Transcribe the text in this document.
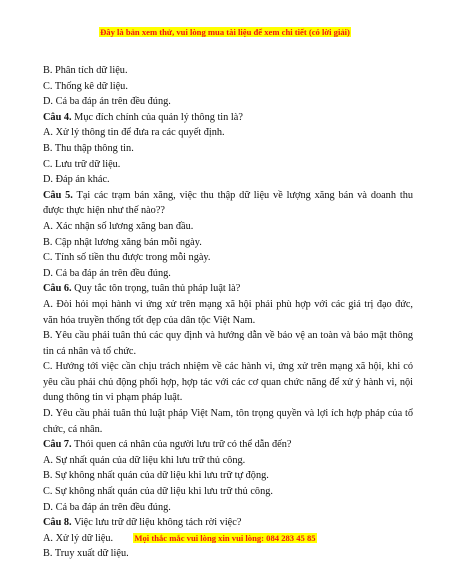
Đây là bản xem thử, vui lòng mua tài liệu để xem chi tiết (có lời giải)

B. Phân tích dữ liệu.

C. Thống kê dữ liệu.

D. Cả ba đáp án trên đều đúng.

Câu 4. Mục đích chính của quản lý thông tin là?

A. Xử lý thông tin để đưa ra các quyết định.

B. Thu thập thông tin.

C. Lưu trữ dữ liệu.

D. Đáp án khác.

Câu 5. Tại các trạm bán xăng, việc thu thập dữ liệu về lượng xăng bán và doanh thu được thực hiện như thế nào??

A. Xác nhận số lương xăng ban đầu.

B. Cập nhật lương xăng bán mỗi ngày.

C. Tính số tiền thu được trong mỗi ngày.

D. Cả ba đáp án trên đều đúng.

Câu 6. Quy tắc tôn trọng, tuân thủ pháp luật là?

A. Đòi hỏi mọi hành vi ứng xử trên mạng xã hội phải phù hợp với các giá trị đạo đức, văn hóa truyền thống tốt đẹp của dân tộc Việt Nam.

B. Yêu cầu phải tuân thủ các quy định và hướng dẫn về bảo vệ an toàn và bảo mật thông tin cá nhân và tổ chức.

C. Hướng tới việc cần chịu trách nhiệm về các hành vi, ứng xử trên mạng xã hội, khi có yêu cầu phải chủ động phối hợp, hợp tác với các cơ quan chức năng để xử ý hành vi, nội dung thông tin vi phạm pháp luật.

D. Yêu cầu phải tuân thủ luật pháp Việt Nam, tôn trọng quyền và lợi ích hợp pháp của tổ chức, cá nhân.

Câu 7. Thói quen cá nhân của người lưu trữ có thể dẫn đến?

A. Sự nhất quán của dữ liệu khi lưu trữ thủ công.

B. Sự không nhất quán của dữ liệu khi lưu trữ tự động.

C. Sự không nhất quán của dữ liệu khi lưu trữ thủ công.

D. Cả ba đáp án trên đều đúng.

Câu 8. Việc lưu trữ dữ liệu không tách rời việc?

A. Xử lý dữ liệu.

B. Truy xuất dữ liệu.

Mọi thắc mắc vui lòng xin vui lòng: 084 283 45 85
